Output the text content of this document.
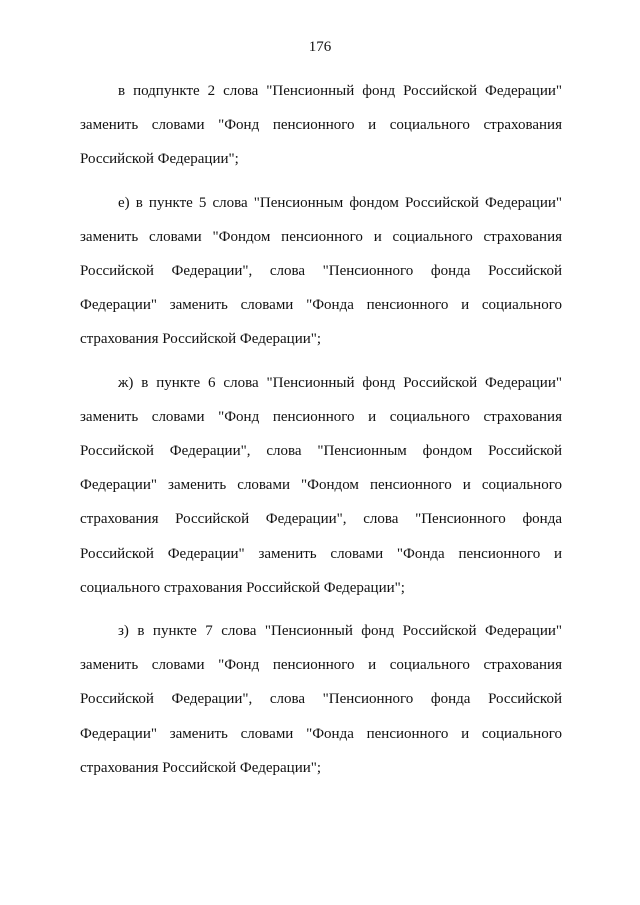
176

в подпункте 2 слова "Пенсионный фонд Российской Федерации" заменить словами "Фонд пенсионного и социального страхования Российской Федерации";

е) в пункте 5 слова "Пенсионным фондом Российской Федерации" заменить словами "Фондом пенсионного и социального страхования Российской Федерации", слова "Пенсионного фонда Российской Федерации" заменить словами "Фонда пенсионного и социального страхования Российской Федерации";

ж) в пункте 6 слова "Пенсионный фонд Российской Федерации" заменить словами "Фонд пенсионного и социального страхования Российской Федерации", слова "Пенсионным фондом Российской Федерации" заменить словами "Фондом пенсионного и социального страхования Российской Федерации", слова "Пенсионного фонда Российской Федерации" заменить словами "Фонда пенсионного и социального страхования Российской Федерации";

з) в пункте 7 слова "Пенсионный фонд Российской Федерации" заменить словами "Фонд пенсионного и социального страхования Российской Федерации", слова "Пенсионного фонда Российской Федерации" заменить словами "Фонда пенсионного и социального страхования Российской Федерации";
